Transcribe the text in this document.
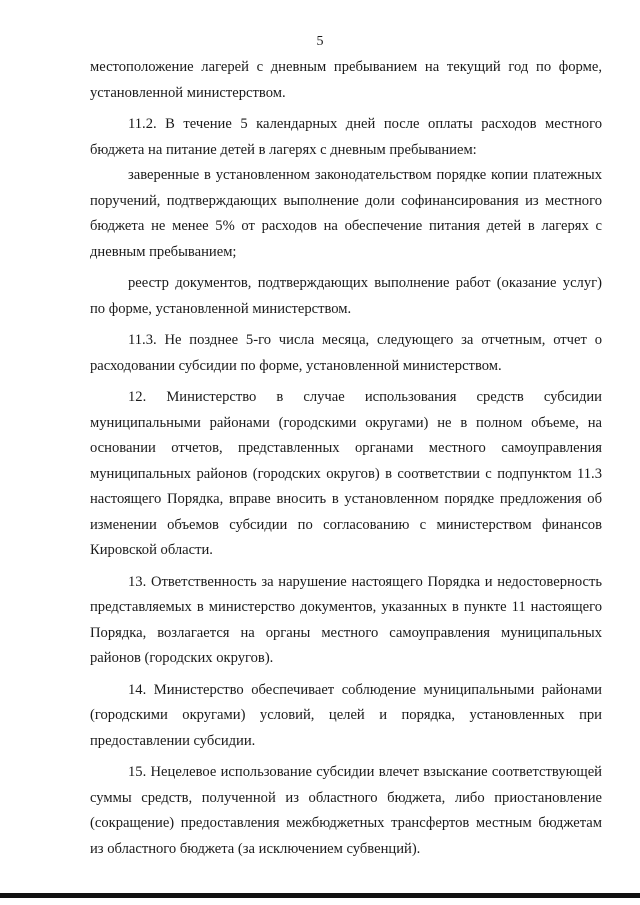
5

местоположение лагерей с дневным пребыванием на текущий год по форме, установленной министерством.

11.2. В течение 5 календарных дней после оплаты расходов местного бюджета на питание детей в лагерях с дневным пребыванием:

заверенные в установленном законодательством порядке копии платежных поручений, подтверждающих выполнение доли софинансирования из местного бюджета не менее 5% от расходов на обеспечение питания детей в лагерях с дневным пребыванием;

реестр документов, подтверждающих выполнение работ (оказание услуг) по форме, установленной министерством.

11.3. Не позднее 5-го числа месяца, следующего за отчетным, отчет о расходовании субсидии по форме, установленной министерством.

12. Министерство в случае использования средств субсидии муниципальными районами (городскими округами) не в полном объеме, на основании отчетов, представленных органами местного самоуправления муниципальных районов (городских округов) в соответствии с подпунктом 11.3 настоящего Порядка, вправе вносить в установленном порядке предложения об изменении объемов субсидии по согласованию с министерством финансов Кировской области.

13. Ответственность за нарушение настоящего Порядка и недостоверность представляемых в министерство документов, указанных в пункте 11 настоящего Порядка, возлагается на органы местного самоуправления муниципальных районов (городских округов).

14. Министерство обеспечивает соблюдение муниципальными районами (городскими округами) условий, целей и порядка, установленных при предоставлении субсидии.

15. Нецелевое использование субсидии влечет взыскание соответствующей суммы средств, полученной из областного бюджета, либо приостановление (сокращение) предоставления межбюджетных трансфертов местным бюджетам из областного бюджета (за исключением субвенций).
